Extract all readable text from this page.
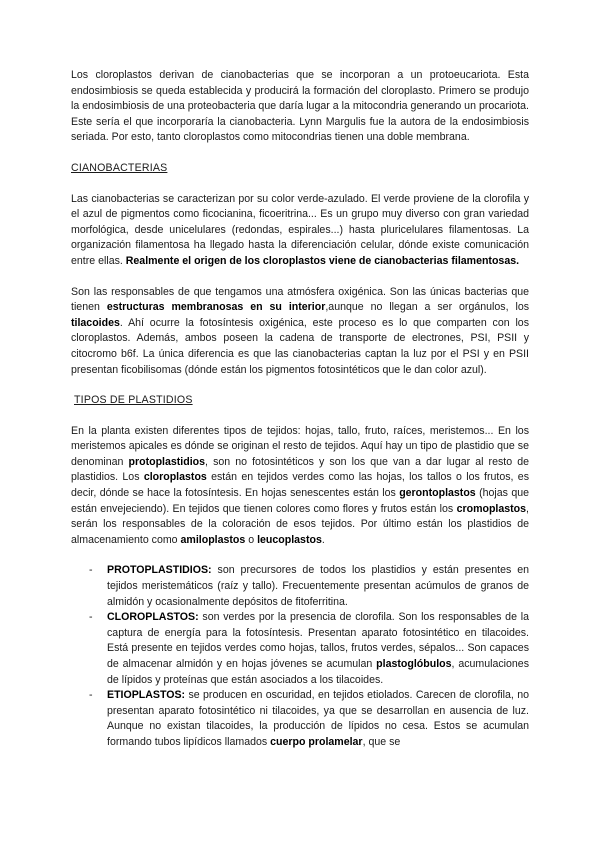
Los cloroplastos derivan de cianobacterias que se incorporan a un protoeucariota. Esta endosimbiosis se queda establecida y producirá la formación del cloroplasto. Primero se produjo la endosimbiosis de una proteobacteria que daría lugar a la mitocondria generando un procariota. Este sería el que incorporaría la cianobacteria. Lynn Margulis fue la autora de la endosimbiosis seriada. Por esto, tanto cloroplastos como mitocondrias tienen una doble membrana.

CIANOBACTERIAS

Las cianobacterias se caracterizan por su color verde-azulado. El verde proviene de la clorofila y el azul de pigmentos como ficocianina, ficoeritrina... Es un grupo muy diverso con gran variedad morfológica, desde unicelulares (redondas, espirales...) hasta pluricelulares filamentosas. La organización filamentosa ha llegado hasta la diferenciación celular, dónde existe comunicación entre ellas. Realmente el origen de los cloroplastos viene de cianobacterias filamentosas.

Son las responsables de que tengamos una atmósfera oxigénica. Son las únicas bacterias que tienen estructuras membranosas en su interior,aunque no llegan a ser orgánulos, los tilacoides. Ahí ocurre la fotosíntesis oxigénica, este proceso es lo que comparten con los cloroplastos. Además, ambos poseen la cadena de transporte de electrones, PSI, PSII y citocromo b6f. La única diferencia es que las cianobacterias captan la luz por el PSI y en PSII presentan ficobilisomas (dónde están los pigmentos fotosintéticos que le dan color azul).

TIPOS DE PLASTIDIOS

En la planta existen diferentes tipos de tejidos: hojas, tallo, fruto, raíces, meristemos... En los meristemos apicales es dónde se originan el resto de tejidos. Aquí hay un tipo de plastidio que se denominan protoplastidios, son no fotosintéticos y son los que van a dar lugar al resto de plastidios. Los cloroplastos están en tejidos verdes como las hojas, los tallos o los frutos, es decir, dónde se hace la fotosíntesis. En hojas senescentes están los gerontoplastos (hojas que están envejeciendo). En tejidos que tienen colores como flores y frutos están los cromoplastos, serán los responsables de la coloración de esos tejidos. Por último están los plastidios de almacenamiento como amiloplastos o leucoplastos.

- PROTOPLASTIDIOS: son precursores de todos los plastidios y están presentes en tejidos meristemáticos (raíz y tallo). Frecuentemente presentan acúmulos de granos de almidón y ocasionalmente depósitos de fitoferritina.
- CLOROPLASTOS: son verdes por la presencia de clorofila. Son los responsables de la captura de energía para la fotosíntesis. Presentan aparato fotosintético en tilacoides. Está presente en tejidos verdes como hojas, tallos, frutos verdes, sépalos... Son capaces de almacenar almidón y en hojas jóvenes se acumulan plastoglóbulos, acumulaciones de lípidos y proteínas que están asociados a los tilacoides.
- ETIOPLASTOS: se producen en oscuridad, en tejidos etiolados. Carecen de clorofila, no presentan aparato fotosintético ni tilacoides, ya que se desarrollan en ausencia de luz. Aunque no existan tilacoides, la producción de lípidos no cesa. Estos se acumulan formando tubos lipídicos llamados cuerpo prolamelar, que se
